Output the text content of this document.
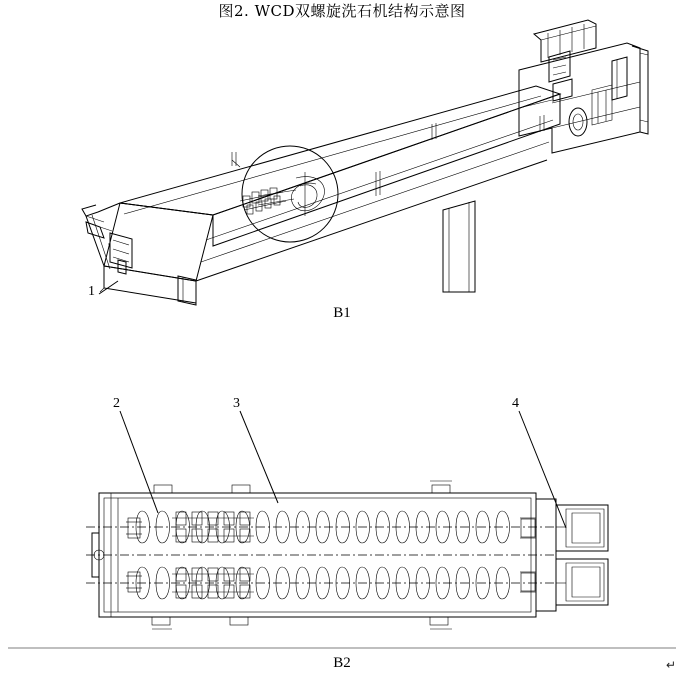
图2. WCD双螺旋洗石机结构示意图
B1
B2
1
2	3	4
↵
